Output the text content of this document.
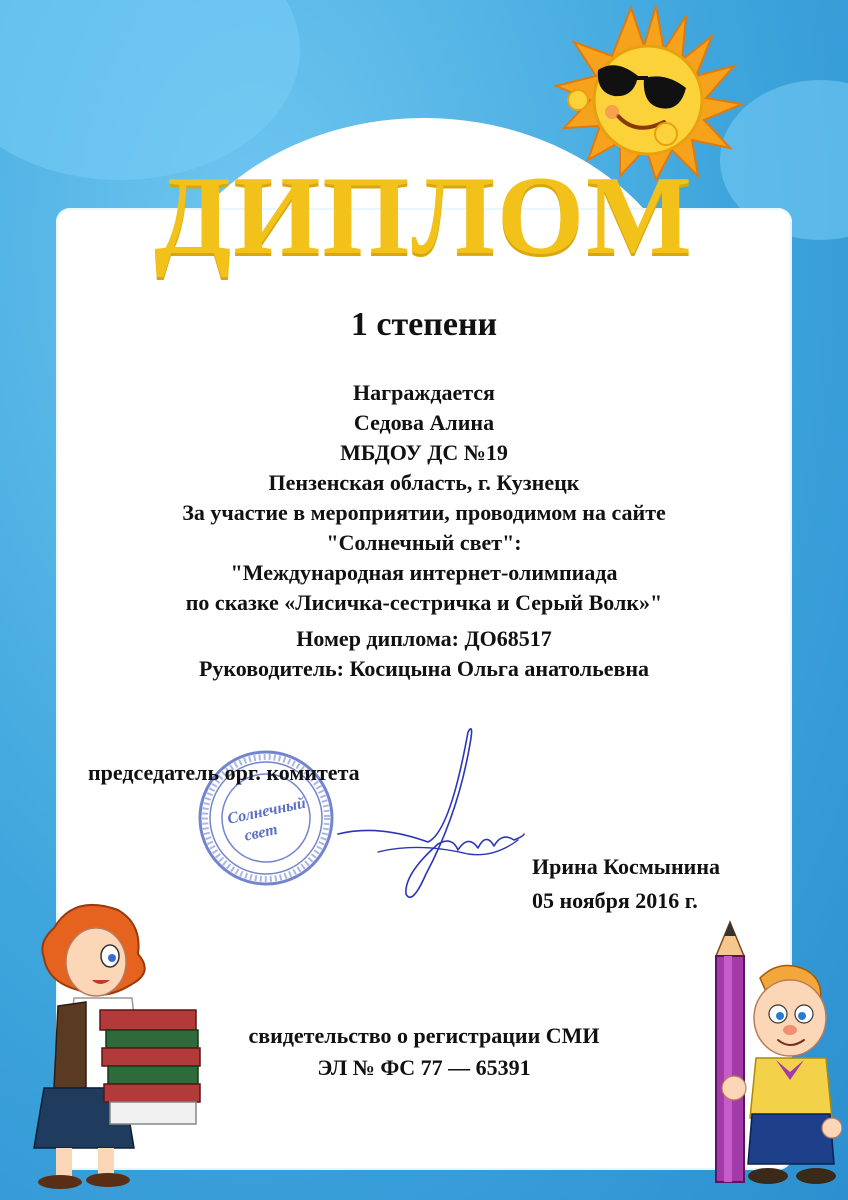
ДИПЛОМ
1 степени
Награждается
Седова Алина
МБДОУ ДС №19
Пензенская область, г. Кузнецк
За участие в мероприятии, проводимом на сайте
"Солнечный свет":
"Международная интернет-олимпиада
по сказке «Лисичка-сестричка и Серый Волк»"
Номер диплома: ДО68517
Руководитель: Косицына Ольга анатольевна
Солнечный
свет
председатель орг. комитета
Ирина Космынина
05 ноября 2016 г.
свидетельство о регистрации СМИ
ЭЛ № ФС 77 — 65391
